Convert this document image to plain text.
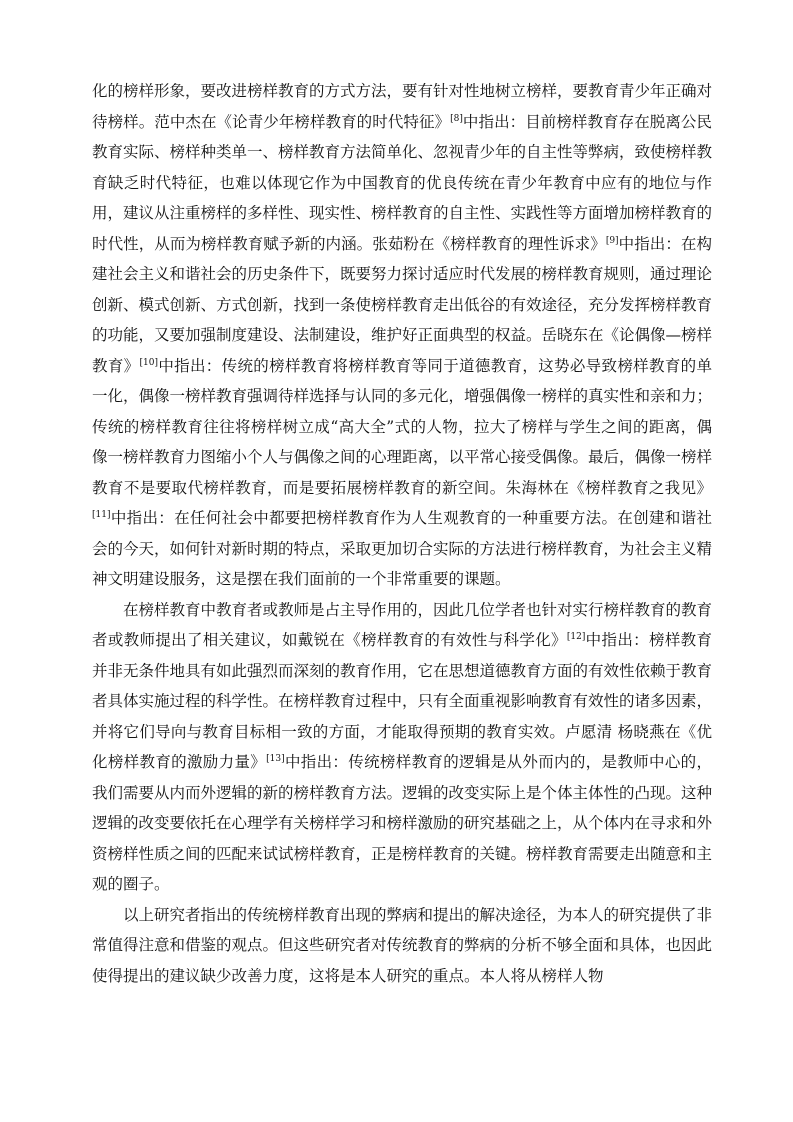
化的榜样形象，要改进榜样教育的方式方法，要有针对性地树立榜样，要教育青少年正确对待榜样。范中杰在《论青少年榜样教育的时代特征》[8]中指出：目前榜样教育存在脱离公民教育实际、榜样种类单一、榜样教育方法简单化、忽视青少年的自主性等弊病，致使榜样教育缺乏时代特征，也难以体现它作为中国教育的优良传统在青少年教育中应有的地位与作用，建议从注重榜样的多样性、现实性、榜样教育的自主性、实践性等方面增加榜样教育的时代性，从而为榜样教育赋予新的内涵。张茹粉在《榜样教育的理性诉求》[9]中指出：在构建社会主义和谐社会的历史条件下，既要努力探讨适应时代发展的榜样教育规则，通过理论创新、模式创新、方式创新，找到一条使榜样教育走出低谷的有效途径，充分发挥榜样教育的功能，又要加强制度建设、法制建设，维护好正面典型的权益。岳晓东在《论偶像—榜样教育》[10]中指出：传统的榜样教育将榜样教育等同于道德教育，这势必导致榜样教育的单一化，偶像一榜样教育强调待样选择与认同的多元化，增强偶像一榜样的真实性和亲和力；传统的榜样教育往往将榜样树立成“高大全”式的人物，拉大了榜样与学生之间的距离，偶像一榜样教育力图缩小个人与偶像之间的心理距离，以平常心接受偶像。最后，偶像一榜样教育不是要取代榜样教育，而是要拓展榜样教育的新空间。朱海林在《榜样教育之我见》[11]中指出：在任何社会中都要把榜样教育作为人生观教育的一种重要方法。在创建和谐社会的今天，如何针对新时期的特点，采取更加切合实际的方法进行榜样教育，为社会主义精神文明建设服务，这是摆在我们面前的一个非常重要的课题。

在榜样教育中教育者或教师是占主导作用的，因此几位学者也针对实行榜样教育的教育者或教师提出了相关建议，如戴锐在《榜样教育的有效性与科学化》[12]中指出：榜样教育并非无条件地具有如此强烈而深刻的教育作用，它在思想道德教育方面的有效性依赖于教育者具体实施过程的科学性。在榜样教育过程中，只有全面重视影响教育有效性的诸多因素，并将它们导向与教育目标相一致的方面，才能取得预期的教育实效。卢愿清 杨晓燕在《优化榜样教育的激励力量》[13]中指出：传统榜样教育的逻辑是从外而内的，是教师中心的，我们需要从内而外逻辑的新的榜样教育方法。逻辑的改变实际上是个体主体性的凸现。这种逻辑的改变要依托在心理学有关榜样学习和榜样激励的研究基础之上，从个体内在寻求和外资榜样性质之间的匹配来试试榜样教育，正是榜样教育的关键。榜样教育需要走出随意和主观的圈子。

以上研究者指出的传统榜样教育出现的弊病和提出的解决途径，为本人的研究提供了非常值得注意和借鉴的观点。但这些研究者对传统教育的弊病的分析不够全面和具体，也因此使得提出的建议缺少改善力度，这将是本人研究的重点。本人将从榜样人物
